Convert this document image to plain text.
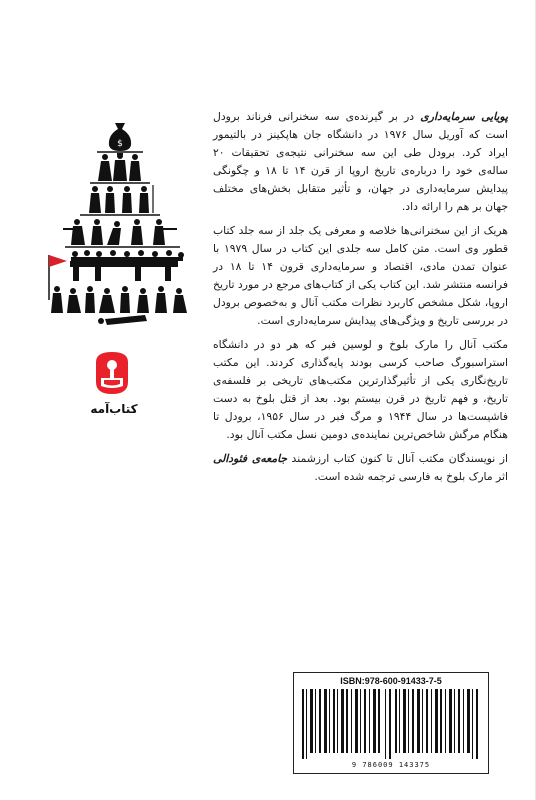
$
کتاب‌آمه

پویایی سرمایه‌داری در بر گیرنده‌ی سه سخنرانی فرناند برودل است که آوریل سال ۱۹۷۶ در دانشگاه جان هاپکینز در بالتیمور ایراد کرد. برودل طی این سه سخنرانی نتیجه‌ی تحقیقات ۲۰ ساله‌ی خود را درباره‌ی تاریخ اروپا از قرن ۱۴ تا ۱۸ و چگونگی پیدایش سرمایه‌داری در جهان، و تأثیر متقابل بخش‌های مختلف جهان بر هم را ارائه داد.

هریک از این سخنرانی‌ها خلاصه و معرفی یک جلد از سه جلد کتاب قطور وی است. متن کامل سه جلدی این کتاب در سال ۱۹۷۹ با عنوان تمدن مادی، اقتصاد و سرمایه‌داری قرون ۱۴ تا ۱۸ در فرانسه منتشر شد. این کتاب یکی از کتاب‌های مرجع در مورد تاریخ اروپا، شکل مشخص کاربرد نظرات مکتب آنال و به‌خصوص برودل در بررسی تاریخ و ویژگی‌های پیدایش سرمایه‌داری است.

مکتب آنال را مارک بلوخ و لوسین فبر که هر دو در دانشگاه استراسبورگ صاحب کرسی بودند پایه‌گذاری کردند. این مکتب تاریخ‌نگاری یکی از تأثیرگذارترین مکتب‌های تاریخی بر فلسفه‌ی تاریخ، و فهم تاریخ در قرن بیستم بود. بعد از قتل بلوخ به دست فاشیست‌ها در سال ۱۹۴۴ و مرگ فبر در سال ۱۹۵۶، برودل تا هنگام مرگش شاخص‌ترین نماینده‌ی دومین نسل مکتب آنال بود.

از نویسندگان مکتب آنال تا کنون کتاب ارزشمند جامعه‌ی فئودالی اثر مارک بلوخ به فارسی ترجمه شده است.

ISBN:978-600-91433-7-5
9 786009 143375
